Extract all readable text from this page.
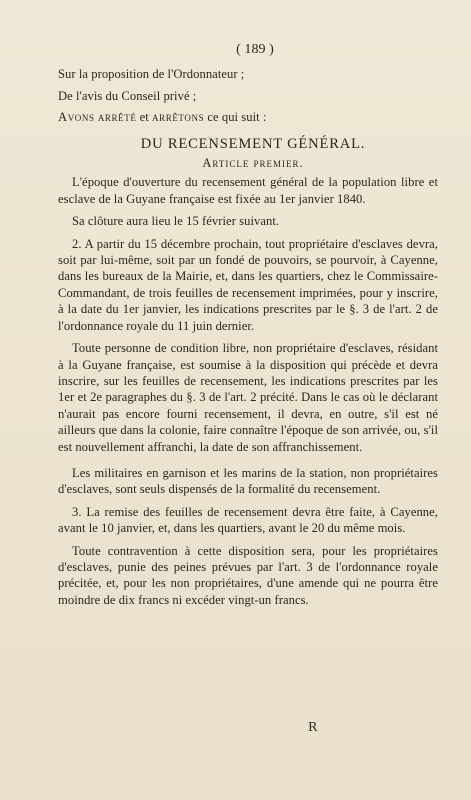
( 189 )
Sur la proposition de l'Ordonnateur ;
De l'avis du Conseil privé ;
Avons arrêté et arrêtons ce qui suit :
DU RECENSEMENT GÉNÉRAL.
Article premier.

L'époque d'ouverture du recensement général de la population libre et esclave de la Guyane française est fixée au 1er janvier 1840.

Sa clôture aura lieu le 15 février suivant.

2. A partir du 15 décembre prochain, tout propriétaire d'esclaves devra, soit par lui-même, soit par un fondé de pouvoirs, se pourvoir, à Cayenne, dans les bureaux de la Mairie, et, dans les quartiers, chez le Commissaire-Commandant, de trois feuilles de recensement imprimées, pour y inscrire, à la date du 1er janvier, les indications prescrites par le §. 3 de l'art. 2 de l'ordonnance royale du 11 juin dernier.

Toute personne de condition libre, non propriétaire d'esclaves, résidant à la Guyane française, est soumise à la disposition qui précède et devra inscrire, sur les feuilles de recensement, les indications prescrites par les 1er et 2e paragraphes du §. 3 de l'art. 2 précité. Dans le cas où le déclarant n'aurait pas encore fourni recensement, il devra, en outre, s'il est né ailleurs que dans la colonie, faire connaître l'époque de son arrivée, ou, s'il est nouvellement affranchi, la date de son affranchissement.

Les militaires en garnison et les marins de la station, non propriétaires d'esclaves, sont seuls dispensés de la formalité du recensement.

3. La remise des feuilles de recensement devra être faite, à Cayenne, avant le 10 janvier, et, dans les quartiers, avant le 20 du même mois.

Toute contravention à cette disposition sera, pour les propriétaires d'esclaves, punie des peines prévues par l'art. 3 de l'ordonnance royale précitée, et, pour les non propriétaires, d'une amende qui ne pourra être moindre de dix francs ni excéder vingt-un francs.

R
